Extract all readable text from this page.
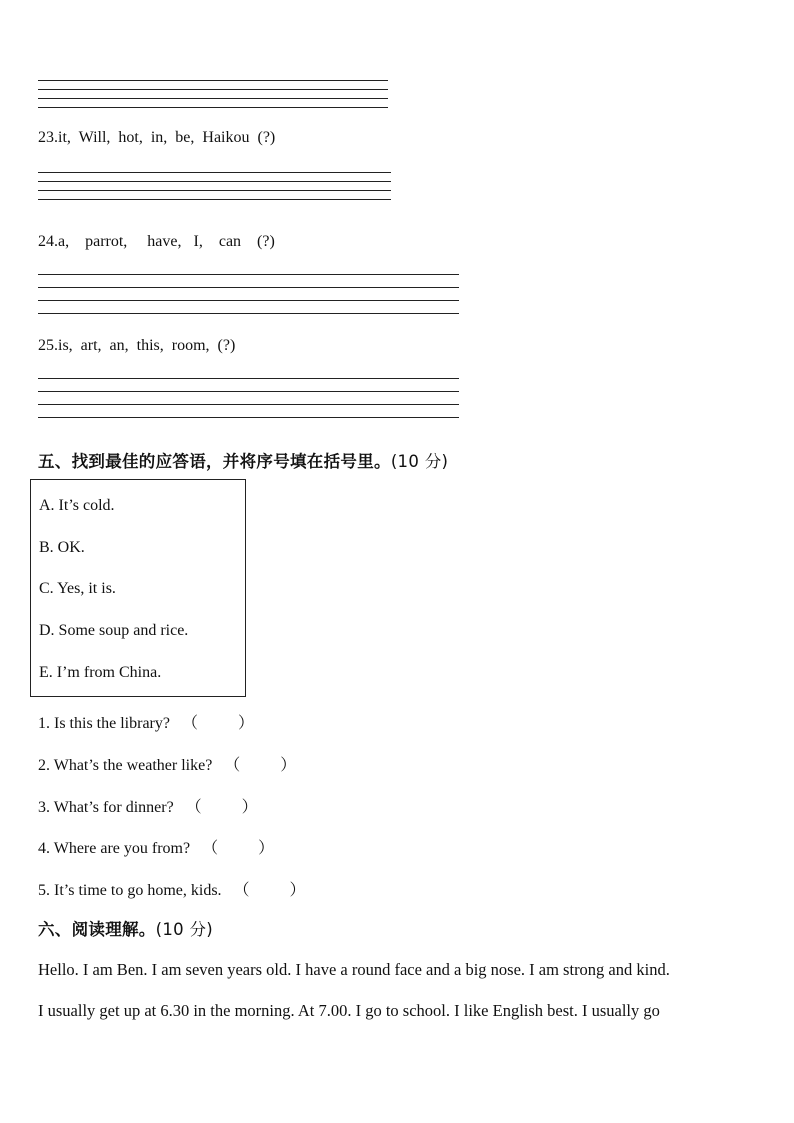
23.it,  Will,  hot,  in,  be,  Haikou  (?)
24.a,    parrot,     have,   I,    can    (?)
25.is,  art,  an,  this,  room,  (?)
五、找到最佳的应答语，并将序号填在括号里。(10 分)
A. It’s cold.
B. OK.
C. Yes, it is.
D. Some soup and rice.
E. I’m from China.
1. Is this the library?   （          ）
2. What’s the weather like?   （          ）
3. What’s for dinner?   （          ）
4. Where are you from?   （          ）
5. It’s time to go home, kids.   （          ）
六、阅读理解。(10 分)
Hello. I am Ben. I am seven years old. I have a round face and a big nose. I am strong and kind.
I usually get up at 6.30 in the morning. At 7.00. I go to school. I like English best. I usually go
